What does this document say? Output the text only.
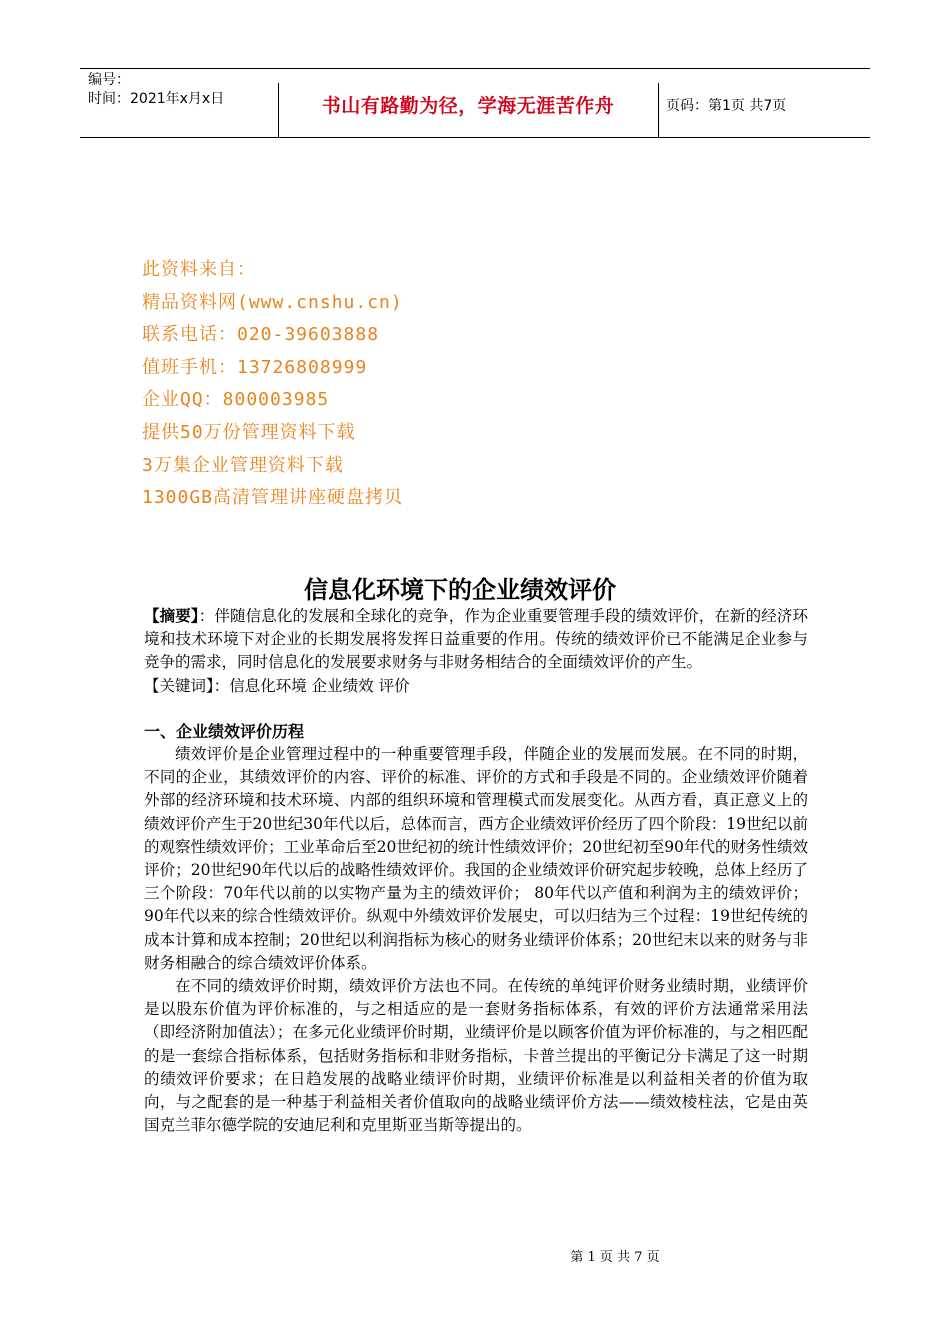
编号：
时间：2021年x月x日	书山有路勤为径，学海无涯苦作舟	页码：第1页 共7页
此资料来自：
精品资料网(www.cnshu.cn)
联系电话：020-39603888
值班手机：13726808999
企业QQ：800003985
提供50万份管理资料下载
3万集企业管理资料下载
1300GB高清管理讲座硬盘拷贝
信息化环境下的企业绩效评价

【摘要】：伴随信息化的发展和全球化的竞争，作为企业重要管理手段的绩效评价，在新的经济环境和技术环境下对企业的长期发展将发挥日益重要的作用。传统的绩效评价已不能满足企业参与竞争的需求，同时信息化的发展要求财务与非财务相结合的全面绩效评价的产生。

【关键词】：信息化环境 企业绩效 评价

一、企业绩效评价历程

绩效评价是企业管理过程中的一种重要管理手段，伴随企业的发展而发展。在不同的时期，不同的企业，其绩效评价的内容、评价的标准、评价的方式和手段是不同的。企业绩效评价随着外部的经济环境和技术环境、内部的组织环境和管理模式而发展变化。从西方看，真正意义上的绩效评价产生于20世纪30年代以后，总体而言，西方企业绩效评价经历了四个阶段：19世纪以前的观察性绩效评价；工业革命后至20世纪初的统计性绩效评价；20世纪初至90年代的财务性绩效评价；20世纪90年代以后的战略性绩效评价。我国的企业绩效评价研究起步较晚，总体上经历了三个阶段：70年代以前的以实物产量为主的绩效评价； 80年代以产值和利润为主的绩效评价；90年代以来的综合性绩效评价。纵观中外绩效评价发展史，可以归结为三个过程：19世纪传统的成本计算和成本控制；20世纪以利润指标为核心的财务业绩评价体系；20世纪末以来的财务与非财务相融合的综合绩效评价体系。

在不同的绩效评价时期，绩效评价方法也不同。在传统的单纯评价财务业绩时期，业绩评价是以股东价值为评价标准的，与之相适应的是一套财务指标体系，有效的评价方法通常采用法（即经济附加值法）；在多元化业绩评价时期，业绩评价是以顾客价值为评价标准的，与之相匹配的是一套综合指标体系，包括财务指标和非财务指标，卡普兰提出的平衡记分卡满足了这一时期的绩效评价要求；在日趋发展的战略业绩评价时期，业绩评价标准是以利益相关者的价值为取向，与之配套的是一种基于利益相关者价值取向的战略业绩评价方法——绩效棱柱法，它是由英国克兰菲尔德学院的安迪尼利和克里斯亚当斯等提出的。

第 1 页 共 7 页
